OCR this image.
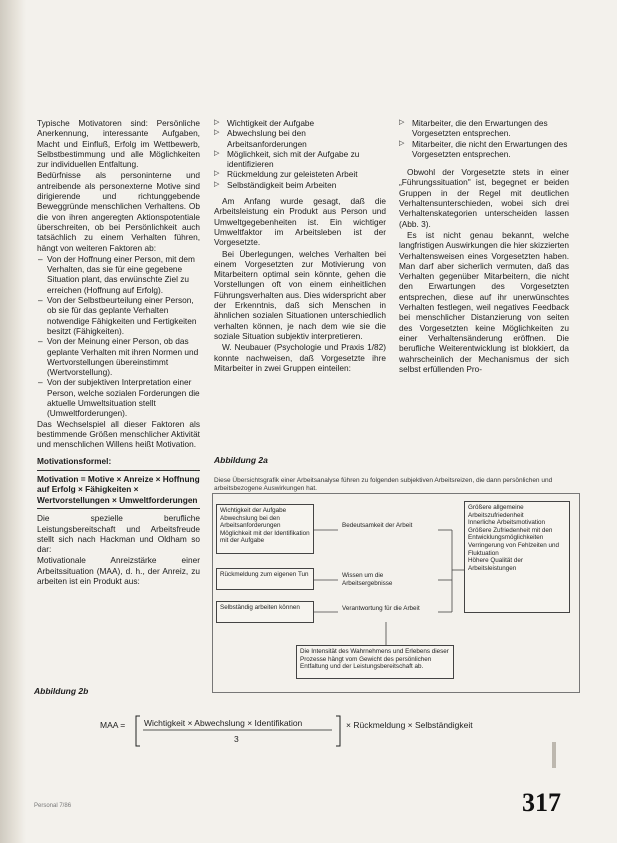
Typische Motivatoren sind: Persönliche Anerkennung, interessante Aufgaben, Macht und Einfluß, Erfolg im Wettbewerb, Selbstbestimmung und alle Möglichkeiten zur individuellen Entfaltung.

Bedürfnisse als personinterne und antreibende als personexterne Motive sind dirigierende und richtunggebende Beweggründe menschlichen Verhaltens. Ob die von ihren angeregten Aktionspotentiale überschreiten, ob bei Persönlichkeit auch tatsächlich zu einem Verhalten führen, hängt von weiteren Faktoren ab:

– Von der Hoffnung einer Person, mit dem Verhalten, das sie für eine gegebene Situation plant, das erwünschte Ziel zu erreichen (Hoffnung auf Erfolg).
– Von der Selbstbeurteilung einer Person, ob sie für das geplante Verhalten notwendige Fähigkeiten und Fertigkeiten besitzt (Fähigkeiten).
– Von der Meinung einer Person, ob das geplante Verhalten mit ihren Normen und Wertvorstellungen übereinstimmt (Wertvorstellung).
– Von der subjektiven Interpretation einer Person, welche sozialen Forderungen die aktuelle Umweltsituation stellt (Umweltforderungen).

Das Wechselspiel all dieser Faktoren als bestimmende Größen menschlicher Aktivität und menschlichen Willens heißt Motivation.

Motivationsformel:
Motivation = Motive × Anreize × Hoffnung auf Erfolg × Fähigkeiten × Wertvorstellungen × Umweltforderungen

Die spezielle berufliche Leistungsbereitschaft und Arbeitsfreude stellt sich nach Hackman und Oldham so dar:

Motivationale Anreizstärke einer Arbeitssituation (MAA), d. h., der Anreiz, zu arbeiten ist ein Produkt aus:

▷ Wichtigkeit der Aufgabe
▷ Abwechslung bei den Arbeitsanforderungen
▷ Möglichkeit, sich mit der Aufgabe zu identifizieren
▷ Rückmeldung zur geleisteten Arbeit
▷ Selbständigkeit beim Arbeiten

Am Anfang wurde gesagt, daß die Arbeitsleistung ein Produkt aus Person und Umweltgegebenheiten ist. Ein wichtiger Umweltfaktor im Arbeitsleben ist der Vorgesetzte.

Bei Überlegungen, welches Verhalten bei einem Vorgesetzten zur Motivierung von Mitarbeitern optimal sein könnte, gehen die Vorstellungen oft von einem einheitlichen Führungsverhalten aus. Dies widerspricht aber der Erkenntnis, daß sich Menschen in ähnlichen sozialen Situationen unterschiedlich verhalten können, je nach dem wie sie die soziale Situation subjektiv interpretieren.

W. Neubauer (Psychologie und Praxis 1/82) konnte nachweisen, daß Vorgesetzte ihre Mitarbeiter in zwei Gruppen einteilen:

▷ Mitarbeiter, die den Erwartungen des Vorgesetzten entsprechen.
▷ Mitarbeiter, die nicht den Erwartungen des Vorgesetzten entsprechen.

Obwohl der Vorgesetzte stets in einer „Führungssituation" ist, begegnet er beiden Gruppen in der Regel mit deutlichen Verhaltensunterschieden, wobei sich drei Verhaltenskategorien unterscheiden lassen (Abb. 3).

Es ist nicht genau bekannt, welche langfristigen Auswirkungen die hier skizzierten Verhaltensweisen eines Vorgesetzten haben. Man darf aber sicherlich vermuten, daß das Verhalten gegenüber Mitarbeitern, die nicht den Erwartungen des Vorgesetzten entsprechen, diese auf ihr unerwünschtes Verhalten festlegen, weil negatives Feedback bei menschlicher Distanzierung von seiten des Vorgesetzten keine Möglichkeiten zu einer Verhaltensänderung eröffnen. Die berufliche Weiterentwicklung ist blokkiert, da wahrscheinlich der Mechanismus der sich selbst erfüllenden Pro-

Abbildung 2a
Diese Übersichtsgrafik einer Arbeitsanalyse führen zu folgenden subjektiven Arbeitsreizen, die dann persönlichen und arbeitsbezogene Auswirkungen hat.
Wichtigkeit der Aufgabe
Abwechslung bei den Arbeitsanforderungen
Möglichkeit mit der Identifikation mit der Aufgabe
Rückmeldung zum eigenen Tun
Selbständig arbeiten können
Bedeutsamkeit der Arbeit
Wissen um die Arbeitsergebnisse
Verantwortung für die Arbeit
Größere allgemeine Arbeitszufriedenheit
Innerliche Arbeitsmotivation
Größere Zufriedenheit mit den Entwicklungsmöglichkeiten
Verringerung von Fehlzeiten und Fluktuation
Höhere Qualität der Arbeitsleistungen
Die Intensität des Wahrnehmens und Erlebens dieser Prozesse hängt vom Gewicht des persönlichen Entfaltung und der Leistungsbereitschaft ab.
Abbildung 2b
MAA = Wichtigkeit × Abwechslung × Identifikation
3
× Rückmeldung × Selbständigkeit
317
Personal 7/86
